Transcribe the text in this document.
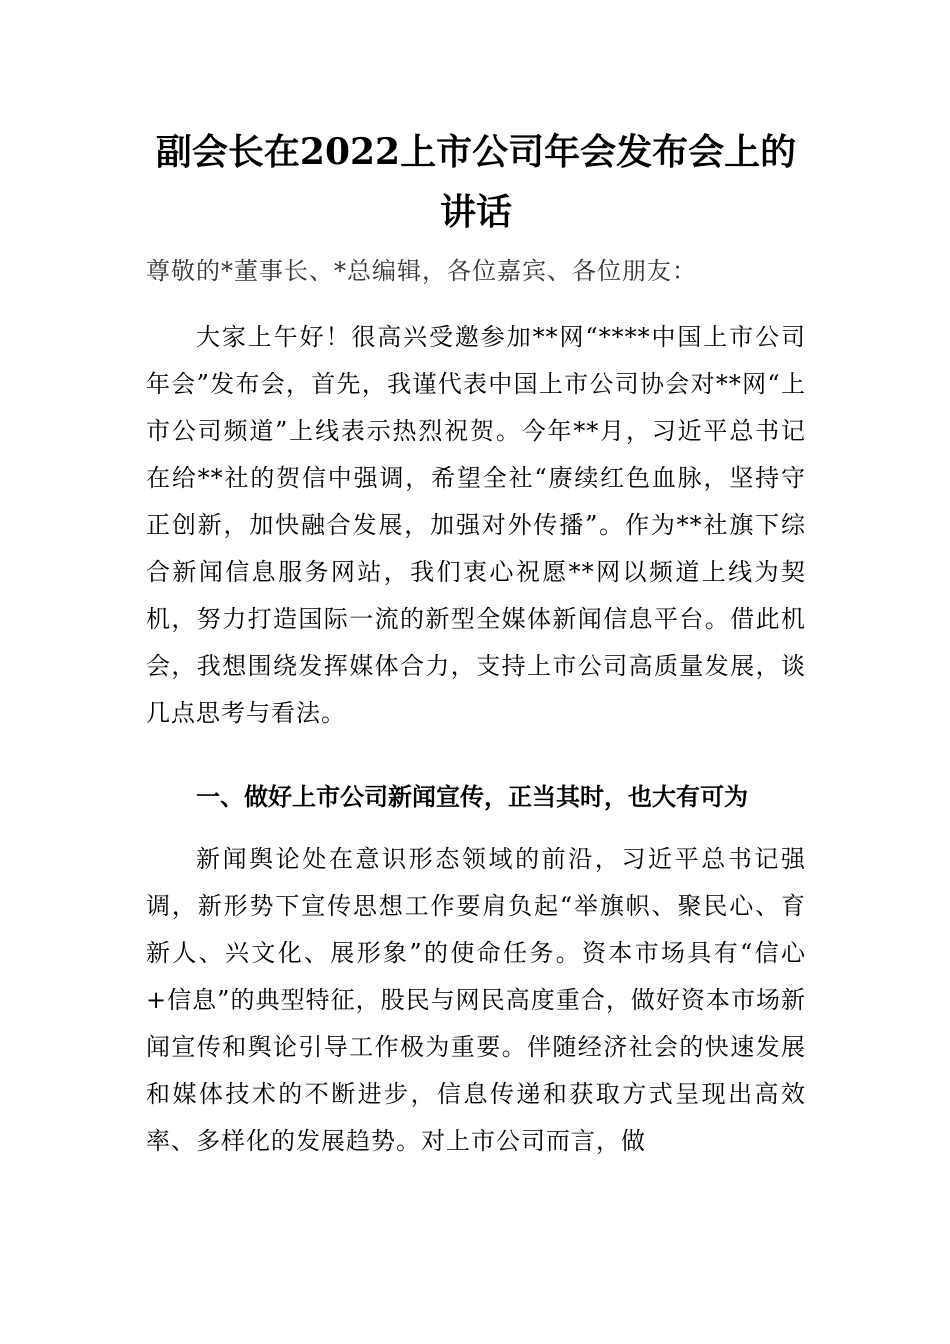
副会长在2022上市公司年会发布会上的讲话

尊敬的*董事长、*总编辑，各位嘉宾、各位朋友：

大家上午好！很高兴受邀参加**网“****中国上市公司年会”发布会，首先，我谨代表中国上市公司协会对**网“上市公司频道”上线表示热烈祝贺。今年**月，习近平总书记在给**社的贺信中强调，希望全社“赓续红色血脉，坚持守正创新，加快融合发展，加强对外传播”。作为**社旗下综合新闻信息服务网站，我们衷心祝愿**网以频道上线为契机，努力打造国际一流的新型全媒体新闻信息平台。借此机会，我想围绕发挥媒体合力，支持上市公司高质量发展，谈几点思考与看法。

一、做好上市公司新闻宣传，正当其时，也大有可为

新闻舆论处在意识形态领域的前沿，习近平总书记强调，新形势下宣传思想工作要肩负起“举旗帜、聚民心、育新人、兴文化、展形象”的使命任务。资本市场具有“信心+信息”的典型特征，股民与网民高度重合，做好资本市场新闻宣传和舆论引导工作极为重要。伴随经济社会的快速发展和媒体技术的不断进步，信息传递和获取方式呈现出高效率、多样化的发展趋势。对上市公司而言，做
